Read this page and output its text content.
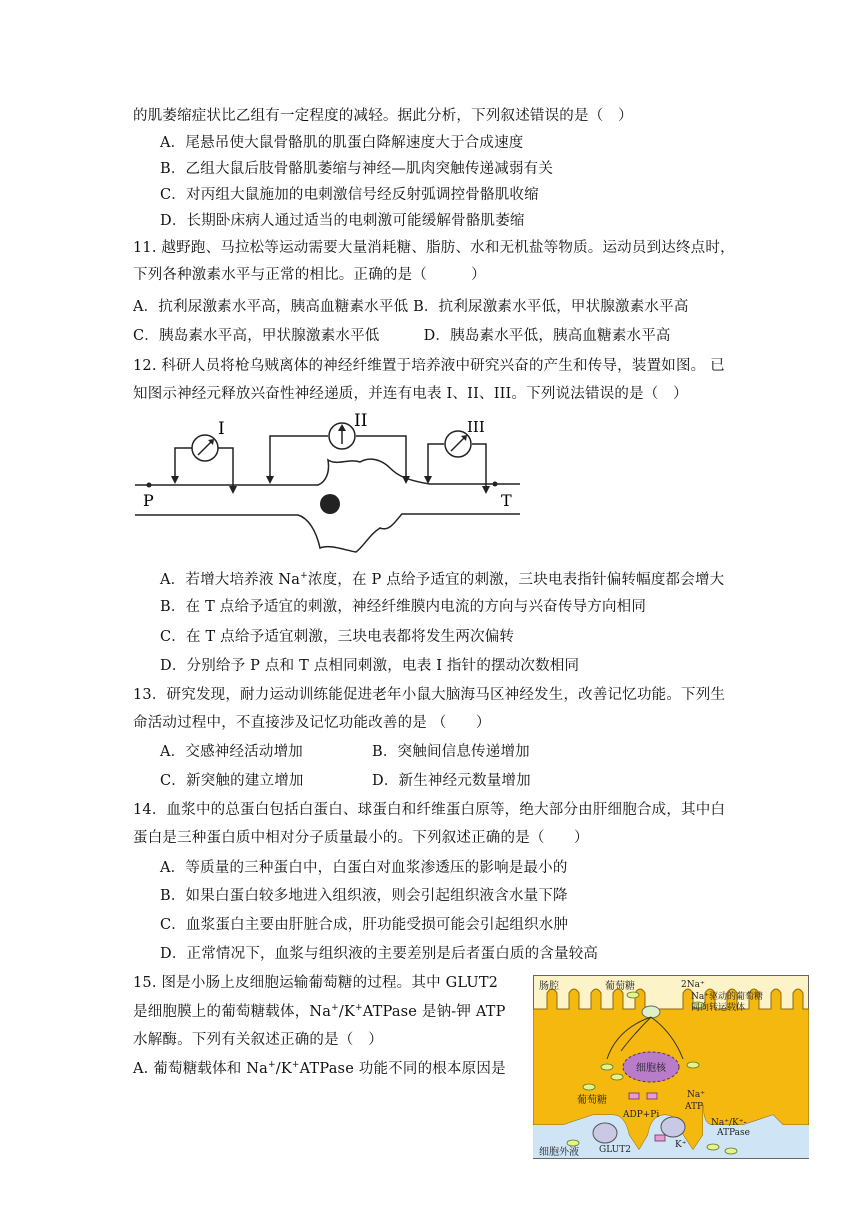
的肌萎缩症状比乙组有一定程度的减轻。据此分析，下列叙述错误的是（　）
A．尾悬吊使大鼠骨骼肌的肌蛋白降解速度大于合成速度
B．乙组大鼠后肢骨骼肌萎缩与神经—肌肉突触传递减弱有关
C．对丙组大鼠施加的电刺激信号经反射弧调控骨骼肌收缩
D．长期卧床病人通过适当的电刺激可能缓解骨骼肌萎缩
11. 越野跑、马拉松等运动需要大量消耗糖、脂肪、水和无机盐等物质。运动员到达终点时，
下列各种激素水平与正常的相比。正确的是（　　　）
A．抗利尿激素水平高，胰高血糖素水平低 B．抗利尿激素水平低，甲状腺激素水平高
C．胰岛素水平高，甲状腺激素水平低　　　D．胰岛素水平低，胰高血糖素水平高
12. 科研人员将枪乌贼离体的神经纤维置于培养液中研究兴奋的产生和传导，装置如图。 已
知图示神经元释放兴奋性神经递质，并连有电表 I、II、III。下列说法错误的是（　）
I	II	III
P	T
A．若增大培养液 Na+浓度，在 P 点给予适宜的刺激，三块电表指针偏转幅度都会增大
B．在 T 点给予适宜的刺激，神经纤维膜内电流的方向与兴奋传导方向相同
C．在 T 点给予适宜刺激，三块电表都将发生两次偏转
D．分别给予 P 点和 T 点相同刺激，电表 I 指针的摆动次数相同
13．研究发现，耐力运动训练能促进老年小鼠大脑海马区神经发生，改善记忆功能。下列生
命活动过程中，不直接涉及记忆功能改善的是 （　　）
A．交感神经活动增加	B．突触间信息传递增加
C．新突触的建立增加	D．新生神经元数量增加
14．血浆中的总蛋白包括白蛋白、球蛋白和纤维蛋白原等，绝大部分由肝细胞合成，其中白
蛋白是三种蛋白质中相对分子质量最小的。下列叙述正确的是（　　）
A．等质量的三种蛋白中，白蛋白对血浆渗透压的影响是最小的
B．如果白蛋白较多地进入组织液，则会引起组织液含水量下降
C．血浆蛋白主要由肝脏合成，肝功能受损可能会引起组织水肿
D．正常情况下，血浆与组织液的主要差别是后者蛋白质的含量较高
15. 图是小肠上皮细胞运输葡萄糖的过程。其中 GLUT2
是细胞膜上的葡萄糖载体，Na+/K+ATPase 是钠-钾 ATP
水解酶。下列有关叙述正确的是（　）
A. 葡萄糖载体和 Na+/K+ATPase 功能不同的根本原因是	细胞核
肠腔	葡萄糖	2Na⁺
Na⁺驱动的葡萄糖
同向转运载体
葡萄糖	Na⁺
ATP
ADP+Pi
Na⁺/K⁺-
ATPase
GLUT2	K⁺
细胞外液
